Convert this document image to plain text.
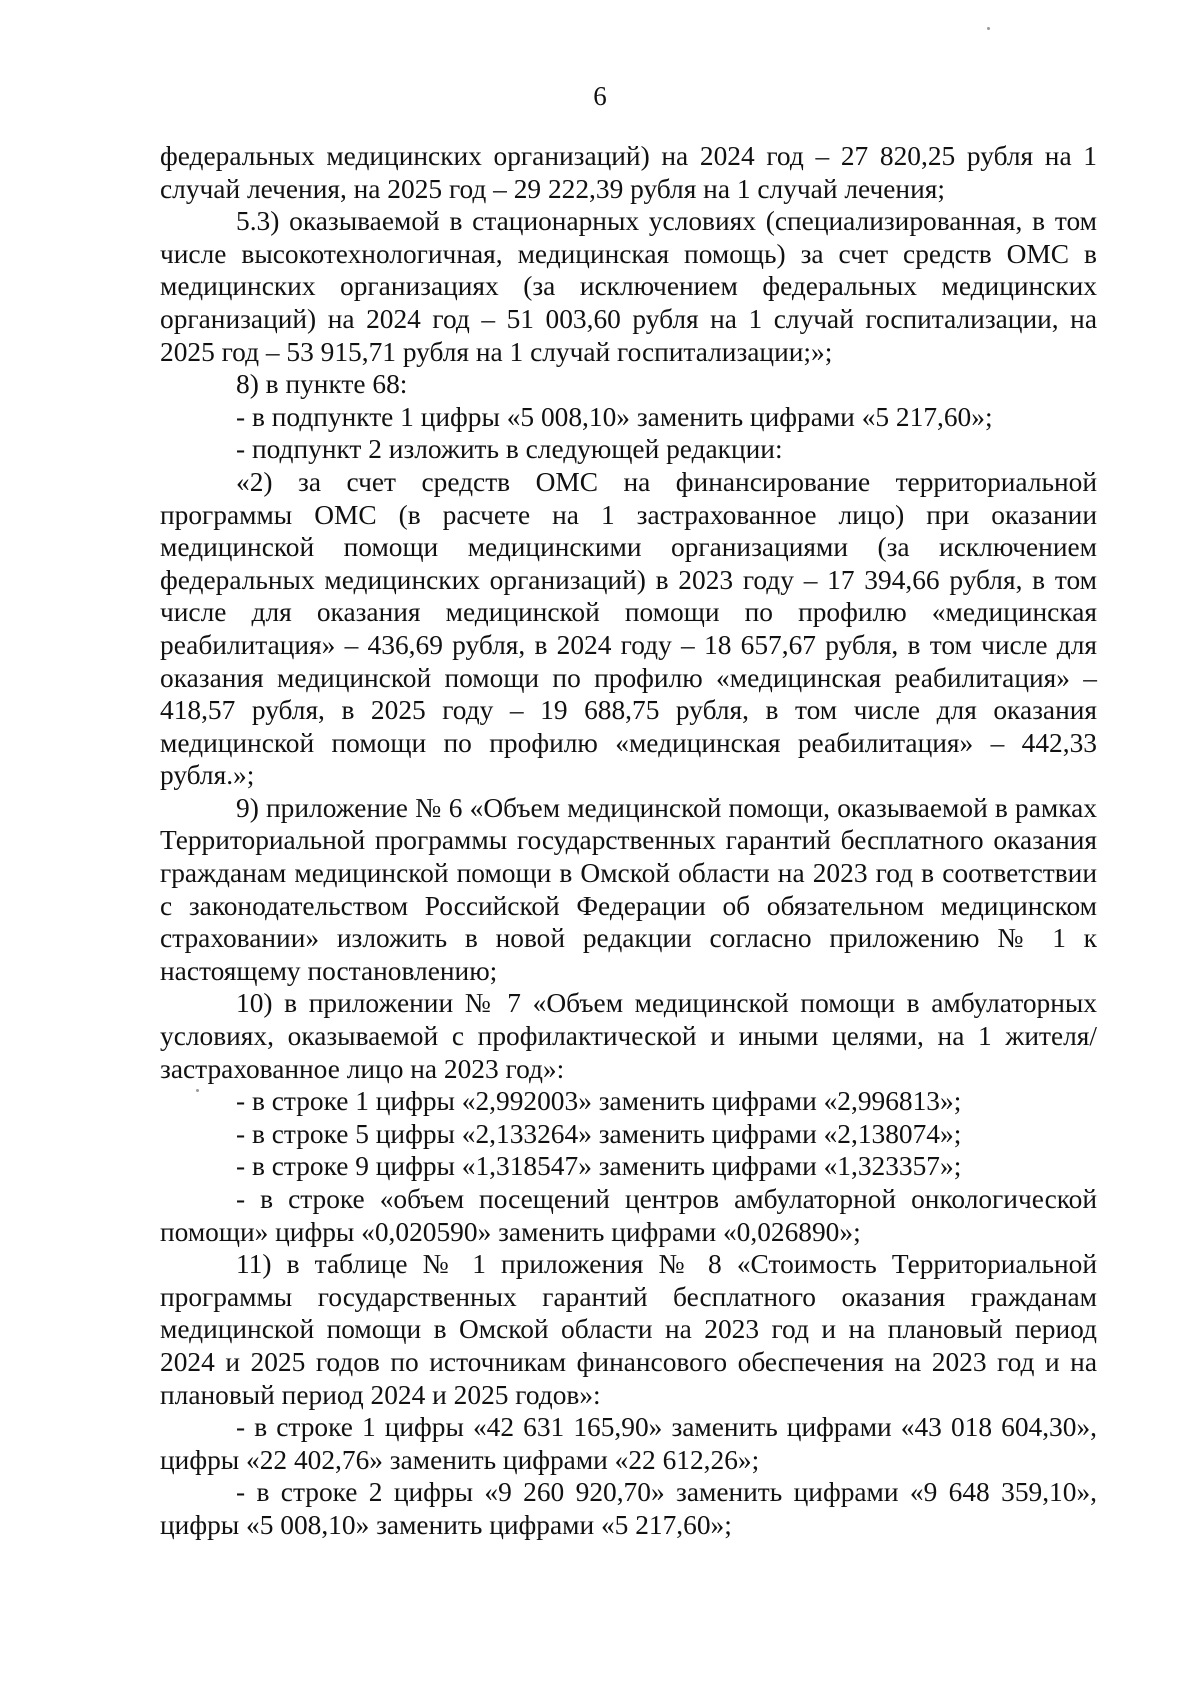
6

федеральных медицинских организаций) на 2024 год – 27 820,25 рубля на 1 случай лечения, на 2025 год – 29 222,39 рубля на 1 случай лечения;

5.3) оказываемой в стационарных условиях (специализированная, в том числе высокотехнологичная, медицинская помощь) за счет средств ОМС в медицинских организациях (за исключением федеральных медицинских организаций) на 2024 год – 51 003,60 рубля на 1 случай госпитализации, на 2025 год – 53 915,71 рубля на 1 случай госпитализации;»;

8) в пункте 68:

- в подпункте 1 цифры «5 008,10» заменить цифрами «5 217,60»;

- подпункт 2 изложить в следующей редакции:

«2) за счет средств ОМС на финансирование территориальной программы ОМС (в расчете на 1 застрахованное лицо) при оказании медицинской помощи медицинскими организациями (за исключением федеральных медицинских организаций) в 2023 году – 17 394,66 рубля, в том числе для оказания медицинской помощи по профилю «медицинская реабилитация» – 436,69 рубля, в 2024 году – 18 657,67 рубля, в том числе для оказания медицинской помощи по профилю «медицинская реабилитация» – 418,57 рубля, в 2025 году – 19 688,75 рубля, в том числе для оказания медицинской помощи по профилю «медицинская реабилитация» – 442,33 рубля.»;

9) приложение № 6 «Объем медицинской помощи, оказываемой в рамках Территориальной программы государственных гарантий бесплатного оказания гражданам медицинской помощи в Омской области на 2023 год в соответствии с законодательством Российской Федерации об обязательном медицинском страховании» изложить в новой редакции согласно приложению № 1 к настоящему постановлению;

10) в приложении № 7 «Объем медицинской помощи в амбулаторных условиях, оказываемой с профилактической и иными целями, на 1 жителя/застрахованное лицо на 2023 год»:

- в строке 1 цифры «2,992003» заменить цифрами «2,996813»;

- в строке 5 цифры «2,133264» заменить цифрами «2,138074»;

- в строке 9 цифры «1,318547» заменить цифрами «1,323357»;

- в строке «объем посещений центров амбулаторной онкологической помощи» цифры «0,020590» заменить цифрами «0,026890»;

11) в таблице № 1 приложения № 8 «Стоимость Территориальной программы государственных гарантий бесплатного оказания гражданам медицинской помощи в Омской области на 2023 год и на плановый период 2024 и 2025 годов по источникам финансового обеспечения на 2023 год и на плановый период 2024 и 2025 годов»:

- в строке 1 цифры «42 631 165,90» заменить цифрами «43 018 604,30», цифры «22 402,76» заменить цифрами «22 612,26»;

- в строке 2 цифры «9 260 920,70» заменить цифрами «9 648 359,10», цифры «5 008,10» заменить цифрами «5 217,60»;
